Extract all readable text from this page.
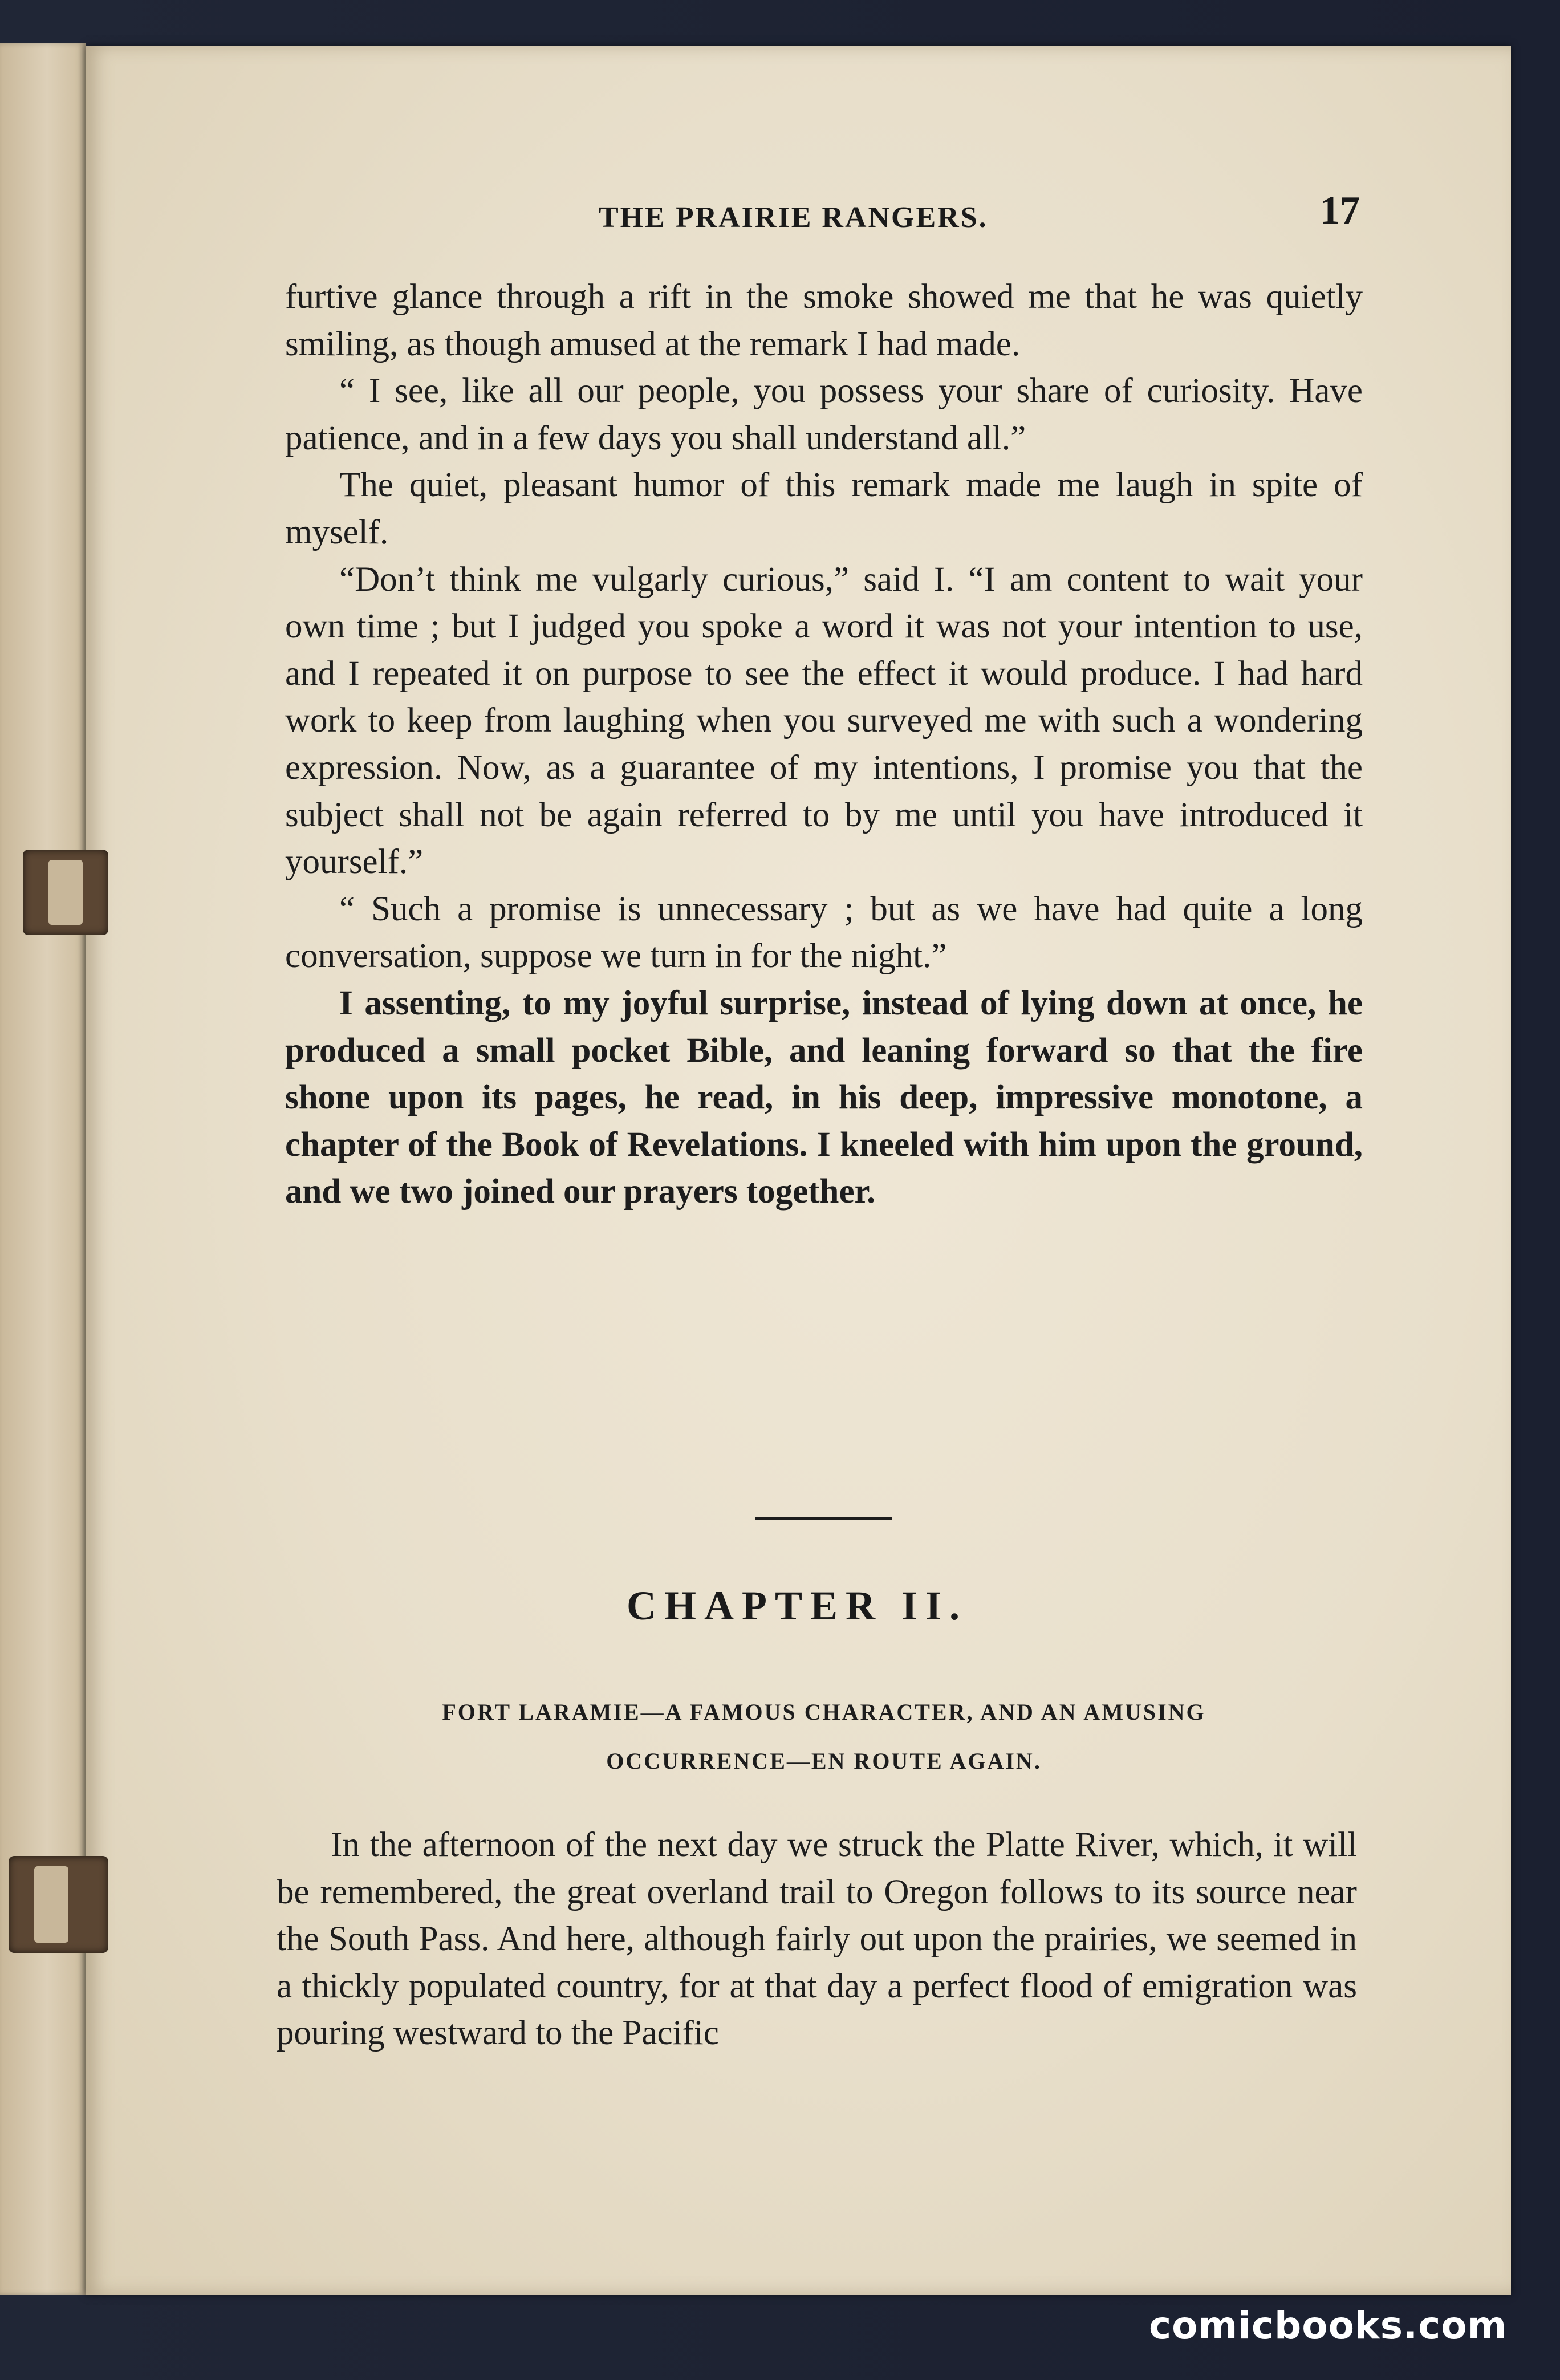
THE PRAIRIE RANGERS.	17

furtive glance through a rift in the smoke showed me that he was quietly smiling, as though amused at the remark I had made.

“ I see, like all our people, you possess your share of curiosity. Have patience, and in a few days you shall understand all.”

The quiet, pleasant humor of this remark made me laugh in spite of myself.

“Don’t think me vulgarly curious,” said I. “I am content to wait your own time ; but I judged you spoke a word it was not your intention to use, and I repeated it on purpose to see the effect it would produce. I had hard work to keep from laughing when you surveyed me with such a wondering expression. Now, as a guarantee of my intentions, I promise you that the subject shall not be again referred to by me until you have introduced it yourself.”

“ Such a promise is unnecessary ; but as we have had quite a long conversation, suppose we turn in for the night.”

I assenting, to my joyful surprise, instead of lying down at once, he produced a small pocket Bible, and leaning forward so that the fire shone upon its pages, he read, in his deep, impressive monotone, a chapter of the Book of Revelations. I kneeled with him upon the ground, and we two joined our prayers together.

CHAPTER II.
FORT LARAMIE—A FAMOUS CHARACTER, AND AN AMUSING
OCCURRENCE—EN ROUTE AGAIN.

In the afternoon of the next day we struck the Platte River, which, it will be remembered, the great overland trail to Oregon follows to its source near the South Pass. And here, although fairly out upon the prairies, we seemed in a thickly populated country, for at that day a perfect flood of emigration was pouring westward to the Pacific

comicbooks.com
